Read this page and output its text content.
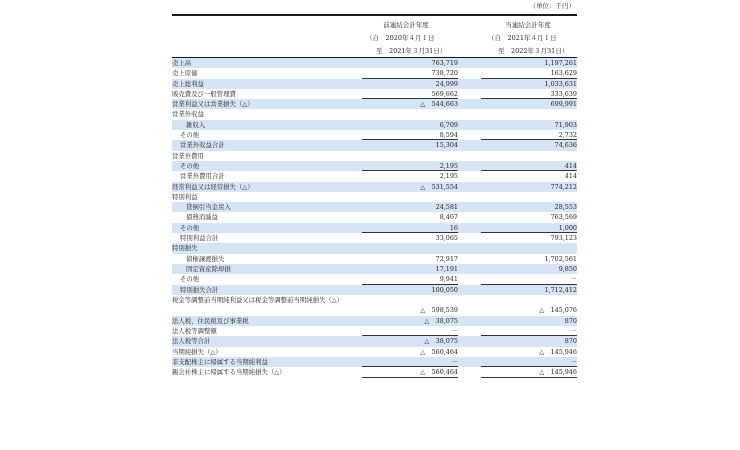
（単位：千円）
前連結会計年度
（自　2020年４月１日
至　2021年３月31日）
当連結会計年度
（自　2021年４月１日
至　2022年３月31日）
売上高	763,719	1,197,261
売上原価	738,720	163,629
売上総利益	24,999	1,033,631
販売費及び一般管理費	569,662	333,639
営業利益又は営業損失（△）	△　544,663	699,991
営業外収益
雑収入	6,709	71,903
その他	8,594	2,732
営業外収益合計	15,304	74,636
営業外費用
その他	2,195	414
営業外費用合計	2,195	414
経常利益又は経常損失（△）	△　531,554	774,212
特別利益
貸倒引当金戻入	24,581	28,553
債務消滅益	8,467	763,569
その他	16	1,000
特別利益合計	33,065	793,123
特別損失
債権譲渡損失	72,917	1,702,561
固定資産除却損	17,191	9,850
その他	9,941	－
特別損失合計	100,050	1,712,412
税金等調整前当期純利益又は税金等調整前当期純損失（△）
△　598,539	△　145,076
法人税、住民税及び事業税	△　38,075	870
法人税等調整額	－	－
法人税等合計	△　38,075	870
当期純損失（△）	△　560,464	△　145,946
非支配株主に帰属する当期純利益	－	－
親会社株主に帰属する当期純損失（△）	△　560,464	△　145,946
